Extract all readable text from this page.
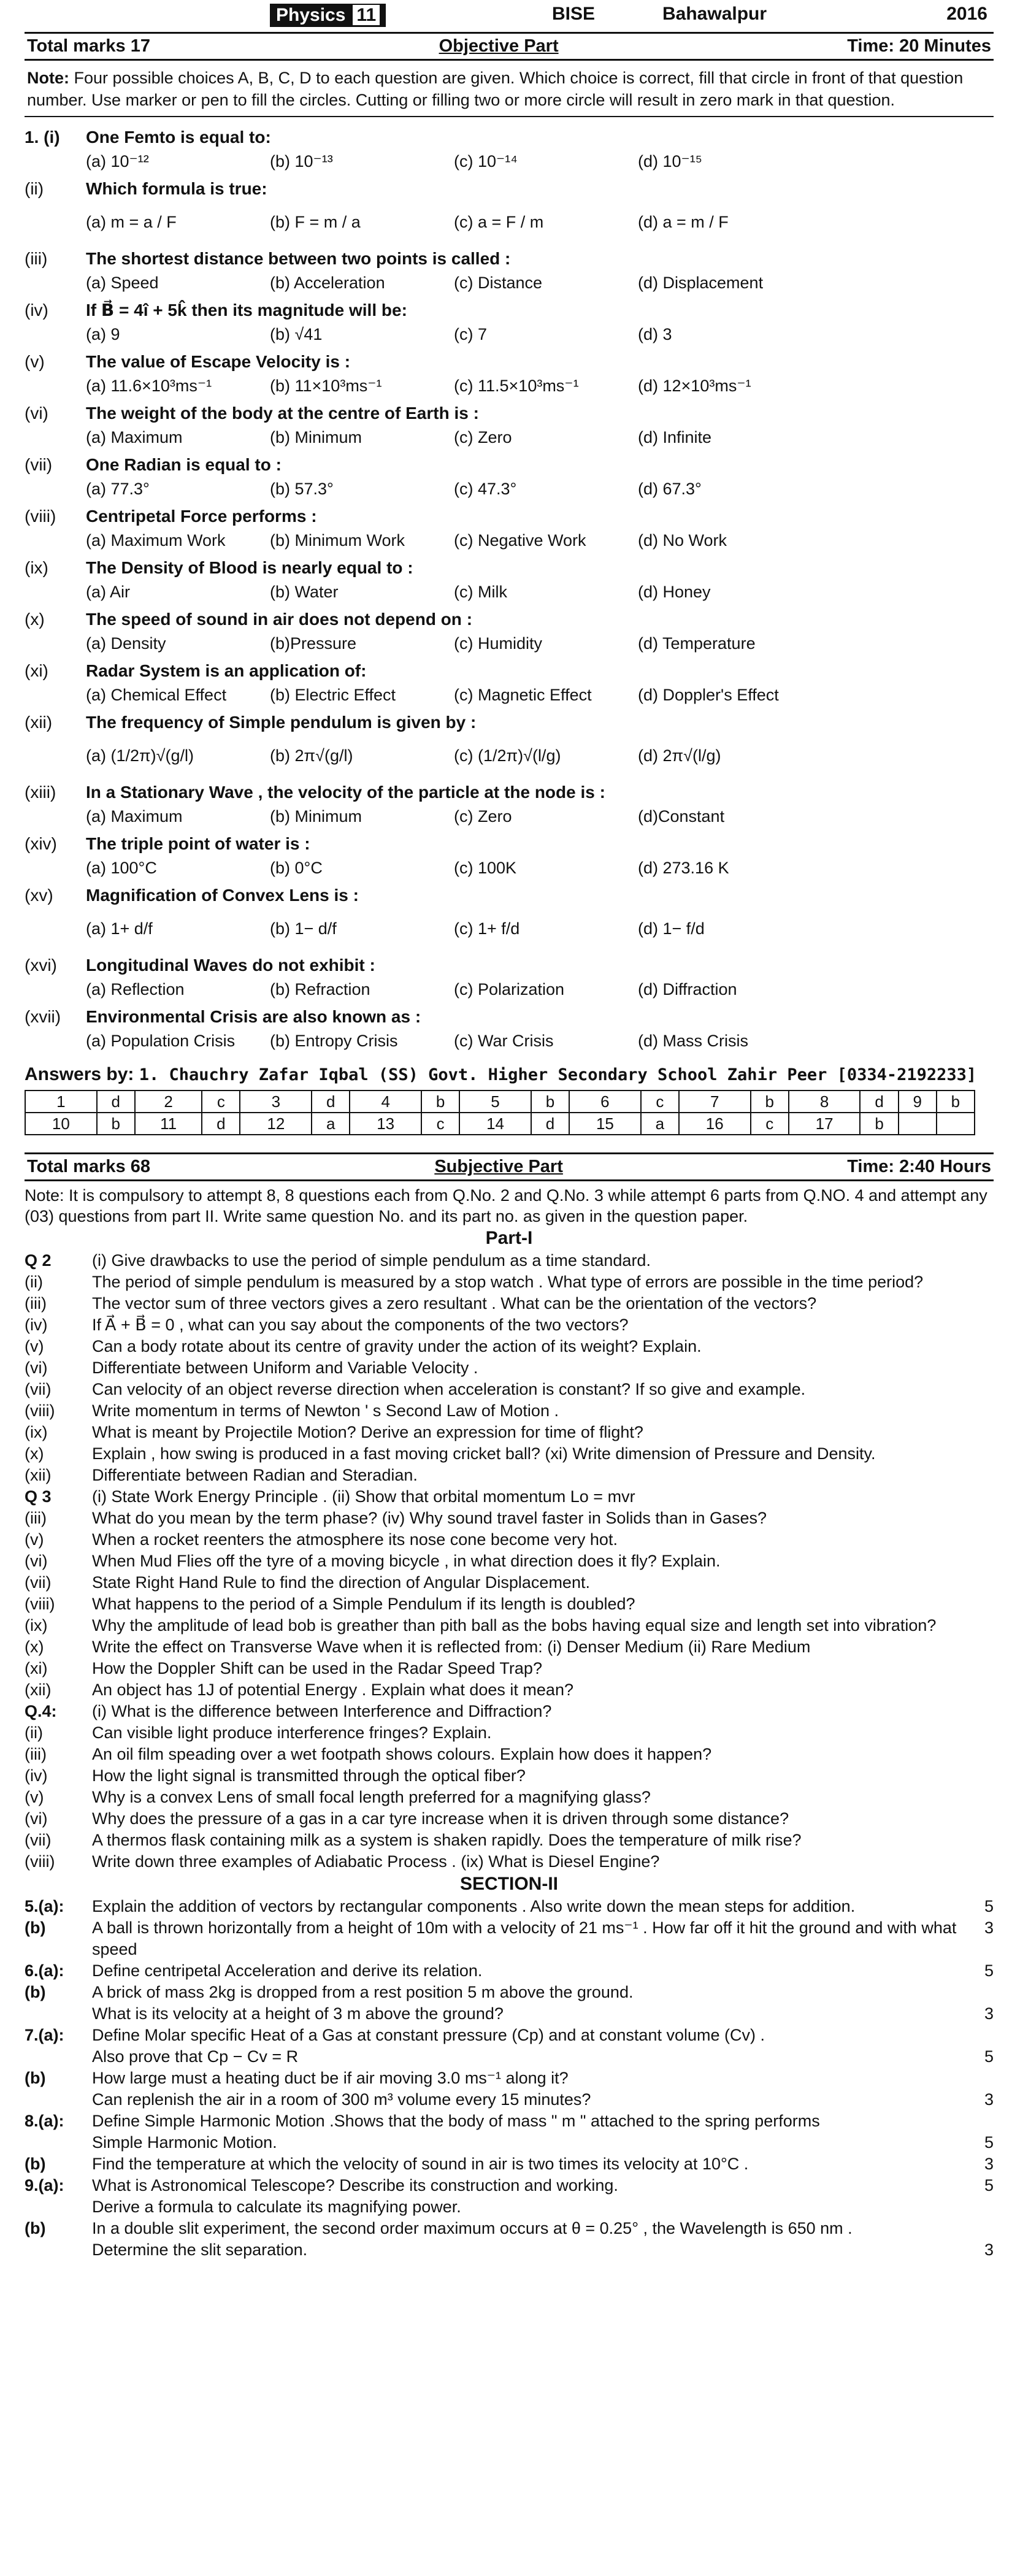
Physics 11	BISE	Bahawalpur	2016
Total marks 17	Objective Part	Time: 20 Minutes
Note: Four possible choices A, B, C, D to each question are given. Which choice is correct, fill that circle in front of that question number. Use marker or pen to fill the circles. Cutting or filling two or more circle will result in zero mark in that question.
1. (i)	One Femto is equal to:
(a) 10⁻¹²	(b) 10⁻¹³	(c) 10⁻¹⁴	(d) 10⁻¹⁵
(ii)	Which formula is true:
(a) m = a / F	(b) F = m / a	(c) a = F / m	(d) a = m / F
(iii)	The shortest distance between two points is called :
(a) Speed	(b) Acceleration	(c) Distance	(d) Displacement
(iv)	If B⃗ = 4î + 5k̂ then its magnitude will be:
(a) 9	(b) √41	(c) 7	(d) 3
(v)	The value of Escape Velocity is :
(a) 11.6×10³ms⁻¹	(b) 11×10³ms⁻¹	(c) 11.5×10³ms⁻¹	(d) 12×10³ms⁻¹
(vi)	The weight of the body at the centre of Earth is :
(a) Maximum	(b) Minimum	(c) Zero	(d) Infinite
(vii)	One Radian is equal to :
(a) 77.3°	(b) 57.3°	(c) 47.3°	(d) 67.3°
(viii)	Centripetal Force performs :
(a) Maximum Work	(b) Minimum Work	(c) Negative Work	(d) No Work
(ix)	The Density of Blood is nearly equal to :
(a) Air	(b) Water	(c) Milk	(d) Honey
(x)	The speed of sound in air does not depend on :
(a) Density	(b)Pressure	(c) Humidity	(d) Temperature
(xi)	Radar System is an application of:
(a) Chemical Effect	(b) Electric Effect	(c) Magnetic Effect	(d) Doppler's Effect
(xii)	The frequency of Simple pendulum is given by :
(a) (1/2π)√(g/l)	(b) 2π√(g/l)	(c) (1/2π)√(l/g)	(d) 2π√(l/g)
(xiii)	In a Stationary Wave , the velocity of the particle at the node is :
(a) Maximum	(b) Minimum	(c) Zero	(d)Constant
(xiv)	The triple point of water is :
(a) 100°C	(b) 0°C	(c) 100K	(d) 273.16 K
(xv)	Magnification of Convex Lens is :
(a) 1+ d/f	(b) 1− d/f	(c) 1+ f/d	(d) 1− f/d
(xvi)	Longitudinal Waves do not exhibit :
(a) Reflection	(b) Refraction	(c) Polarization	(d) Diffraction
(xvii)	Environmental Crisis are also known as :
(a) Population Crisis	(b) Entropy Crisis	(c) War Crisis	(d) Mass Crisis
Answers by: 1. Chauchry Zafar Iqbal (SS) Govt. Higher Secondary School Zahir Peer [0334-2192233]
1	d	2	c	3	d	4	b	5	b	6	c	7	b	8	d	9	b
10	b	11	d	12	a	13	c	14	d	15	a	16	c	17	b		
Total marks 68	Subjective Part	Time: 2:40 Hours
Note: It is compulsory to attempt 8, 8 questions each from Q.No. 2 and Q.No. 3 while attempt 6 parts from Q.NO. 4 and attempt any (03) questions from part II. Write same question No. and its part no. as given in the question paper.
Part-I
Q 2	(i) Give drawbacks to use the period of simple pendulum as a time standard.
(ii)	The period of simple pendulum is measured by a stop watch . What type of errors are possible in the time period?
(iii)	The vector sum of three vectors gives a zero resultant . What can be the orientation of the vectors?
(iv)	If A⃗ + B⃗ = 0 , what can you say about the components of the two vectors?
(v)	Can a body rotate about its centre of gravity under the action of its weight? Explain.
(vi)	Differentiate between Uniform and Variable Velocity .
(vii)	Can velocity of an object reverse direction when acceleration is constant? If so give and example.
(viii)	Write momentum in terms of Newton ' s Second Law of Motion .
(ix)	What is meant by Projectile Motion? Derive an expression for time of flight?
(x)	Explain , how swing is produced in a fast moving cricket ball? (xi) Write dimension of Pressure and Density.
(xii)	Differentiate between Radian and Steradian.
Q 3	(i) State Work Energy Principle . (ii) Show that orbital momentum Lo = mvr
(iii)	What do you mean by the term phase? (iv) Why sound travel faster in Solids than in Gases?
(v)	When a rocket reenters the atmosphere its nose cone become very hot.
(vi)	When Mud Flies off the tyre of a moving bicycle , in what direction does it fly? Explain.
(vii)	State Right Hand Rule to find the direction of Angular Displacement.
(viii)	What happens to the period of a Simple Pendulum if its length is doubled?
(ix)	Why the amplitude of lead bob is greather than pith ball as the bobs having equal size and length set into vibration?
(x)	Write the effect on Transverse Wave when it is reflected from: (i) Denser Medium (ii) Rare Medium
(xi)	How the Doppler Shift can be used in the Radar Speed Trap?
(xii)	An object has 1J of potential Energy . Explain what does it mean?
Q.4:	(i) What is the difference between Interference and Diffraction?
(ii)	Can visible light produce interference fringes? Explain.
(iii)	An oil film speading over a wet footpath shows colours. Explain how does it happen?
(iv)	How the light signal is transmitted through the optical fiber?
(v)	Why is a convex Lens of small focal length preferred for a magnifying glass?
(vi)	Why does the pressure of a gas in a car tyre increase when it is driven through some distance?
(vii)	A thermos flask containing milk as a system is shaken rapidly. Does the temperature of milk rise?
(viii)	Write down three examples of Adiabatic Process . (ix) What is Diesel Engine?
SECTION-II
5.(a):	Explain the addition of vectors by rectangular components . Also write down the mean steps for addition.	5
(b)	A ball is thrown horizontally from a height of 10m with a velocity of 21 ms⁻¹ . How far off it hit the ground and with what speed
3
6.(a):	Define centripetal Acceleration and derive its relation.	5
(b)	A brick of mass 2kg is dropped from a rest position 5 m above the ground.
What is its velocity at a height of 3 m above the ground?	3
7.(a):	Define Molar specific Heat of a Gas at constant pressure (Cp) and at constant volume (Cv) .
Also prove that Cp − Cv = R	5
(b)	How large must a heating duct be if air moving 3.0 ms⁻¹ along it?
Can replenish the air in a room of 300 m³ volume every 15 minutes?	3
8.(a):	Define Simple Harmonic Motion .Shows that the body of mass " m " attached to the spring performs
Simple Harmonic Motion.	5
(b)	Find the temperature at which the velocity of sound in air is two times its velocity at 10°C .	3
9.(a):	What is Astronomical Telescope? Describe its construction and working.	5
Derive a formula to calculate its magnifying power.
(b)	In a double slit experiment, the second order maximum occurs at θ = 0.25° , the Wavelength is 650 nm .
Determine the slit separation.	3
